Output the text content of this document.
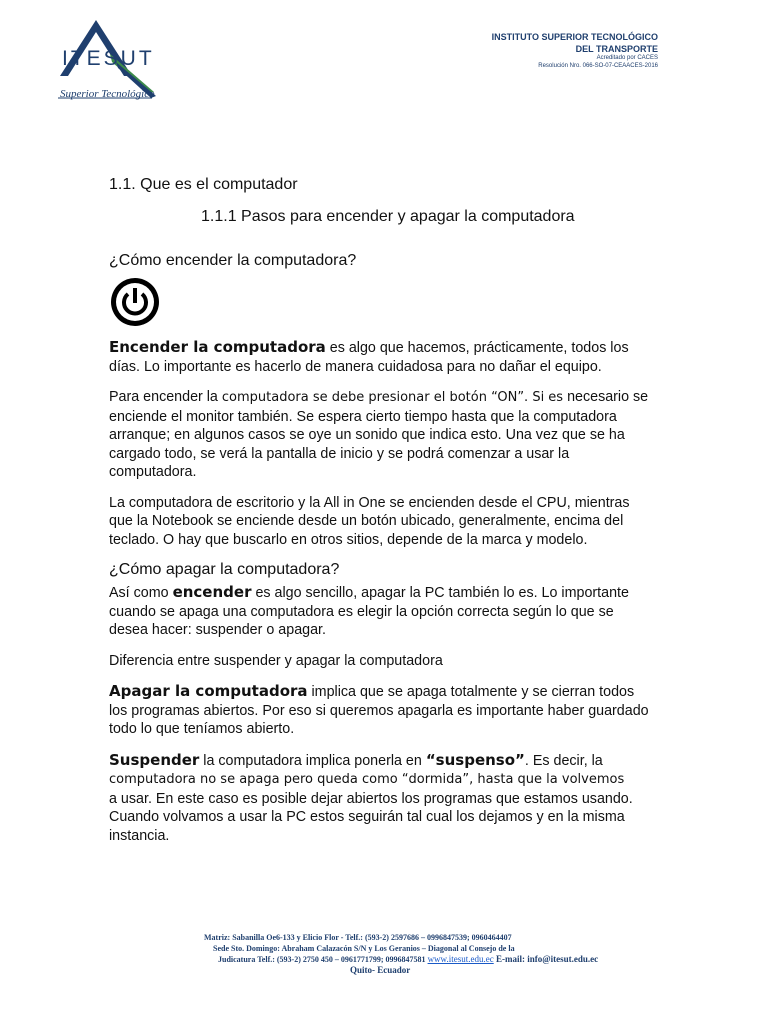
ITESUT
Superior Tecnológico
INSTITUTO SUPERIOR TECNOLÓGICO
DEL TRANSPORTE
Acreditado por CACES
Resolución Nro. 066-SO-07-CEAACES-2016
1.1. Que es el computador
1.1.1 Pasos para encender y apagar la computadora
¿Cómo encender la computadora?

Encender la computadora es algo que hacemos, prácticamente, todos los días. Lo importante es hacerlo de manera cuidadosa para no dañar el equipo.

Para encender la computadora se debe presionar el botón “ON”. Si es necesario se enciende el monitor también. Se espera cierto tiempo hasta que la computadora arranque; en algunos casos se oye un sonido que indica esto. Una vez que se ha cargado todo, se verá la pantalla de inicio y se podrá comenzar a usar la computadora.

La computadora de escritorio y la All in One se encienden desde el CPU, mientras que la Notebook se enciende desde un botón ubicado, generalmente, encima del teclado. O hay que buscarlo en otros sitios, depende de la marca y modelo.

¿Cómo apagar la computadora?

Así como encender es algo sencillo, apagar la PC también lo es. Lo importante cuando se apaga una computadora es elegir la opción correcta según lo que se desea hacer: suspender o apagar.

Diferencia entre suspender y apagar la computadora

Apagar la computadora implica que se apaga totalmente y se cierran todos los programas abiertos. Por eso si queremos apagarla es importante haber guardado todo lo que teníamos abierto.

Suspender la computadora implica ponerla en “suspenso”. Es decir, la
computadora no se apaga pero queda como “dormida”, hasta que la volvemos
a usar. En este caso es posible dejar abiertos los programas que estamos usando. Cuando volvamos a usar la PC estos seguirán tal cual los dejamos y en la misma instancia.

Matriz: Sabanilla Oe6-133 y Elicio Flor - Telf.: (593-2) 2597686 – 0996847539; 0960464407
Sede Sto. Domingo: Abraham Calazacón S/N y Los Geranios – Diagonal al Consejo de la
Judicatura Telf.: (593-2) 2750 450 – 0961771799; 0996847581 www.itesut.edu.ec E-mail: info@itesut.edu.ec
Quito- Ecuador
